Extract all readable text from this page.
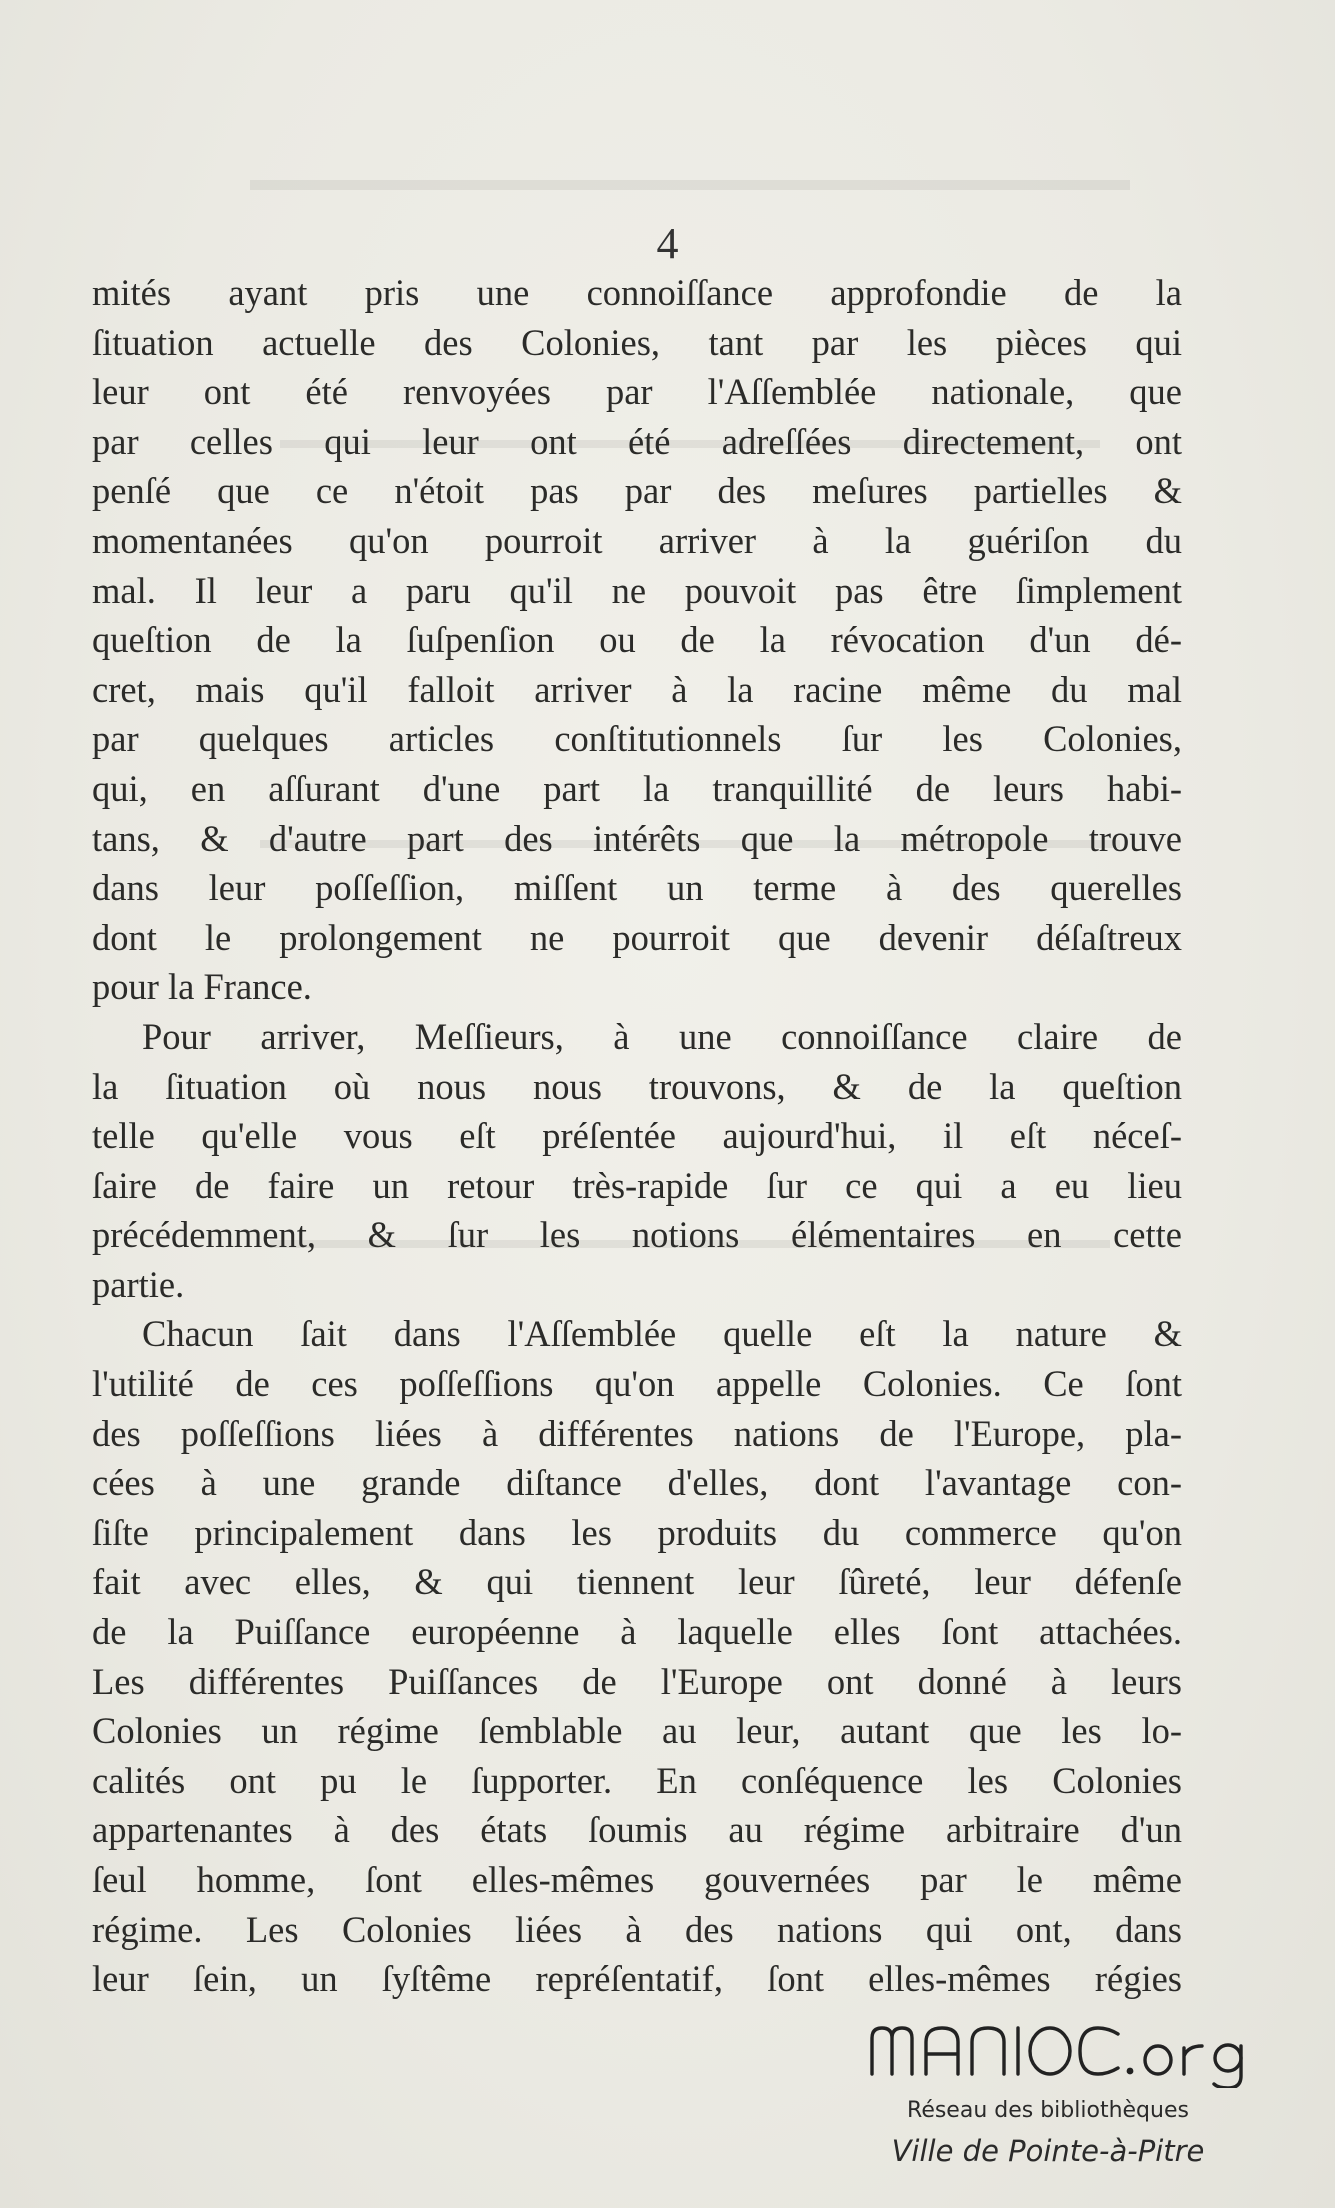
4
mités ayant pris une connoiſſance approfondie de la
ſituation actuelle des Colonies, tant par les pièces qui
leur ont été renvoyées par l'Aſſemblée nationale, que
par celles qui leur ont été adreſſées directement, ont
penſé que ce n'étoit pas par des meſures partielles &
momentanées qu'on pourroit arriver à la guériſon du
mal. Il leur a paru qu'il ne pouvoit pas être ſimplement
queſtion de la ſuſpenſion ou de la révocation d'un dé-
cret, mais qu'il falloit arriver à la racine même du mal
par quelques articles conſtitutionnels ſur les Colonies,
qui, en aſſurant d'une part la tranquillité de leurs habi-
tans, & d'autre part des intérêts que la métropole trouve
dans leur poſſeſſion, miſſent un terme à des querelles
dont le prolongement ne pourroit que devenir déſaſtreux
pour la France.
Pour arriver, Meſſieurs, à une connoiſſance claire de
la ſituation où nous nous trouvons, & de la queſtion
telle qu'elle vous eſt préſentée aujourd'hui, il eſt néceſ-
ſaire de faire un retour très-rapide ſur ce qui a eu lieu
précédemment, & ſur les notions élémentaires en cette
partie.
Chacun ſait dans l'Aſſemblée quelle eſt la nature &
l'utilité de ces poſſeſſions qu'on appelle Colonies. Ce ſont
des poſſeſſions liées à différentes nations de l'Europe, pla-
cées à une grande diſtance d'elles, dont l'avantage con-
ſiſte principalement dans les produits du commerce qu'on
fait avec elles, & qui tiennent leur ſûreté, leur défenſe
de la Puiſſance européenne à laquelle elles ſont attachées.
Les différentes Puiſſances de l'Europe ont donné à leurs
Colonies un régime ſemblable au leur, autant que les lo-
calités ont pu le ſupporter. En conſéquence les Colonies
appartenantes à des états ſoumis au régime arbitraire d'un
ſeul homme, ſont elles-mêmes gouvernées par le même
régime. Les Colonies liées à des nations qui ont, dans
leur ſein, un ſyſtême repréſentatif, ſont elles-mêmes régies
Réseau des bibliothèques
Ville de Pointe-à-Pitre
